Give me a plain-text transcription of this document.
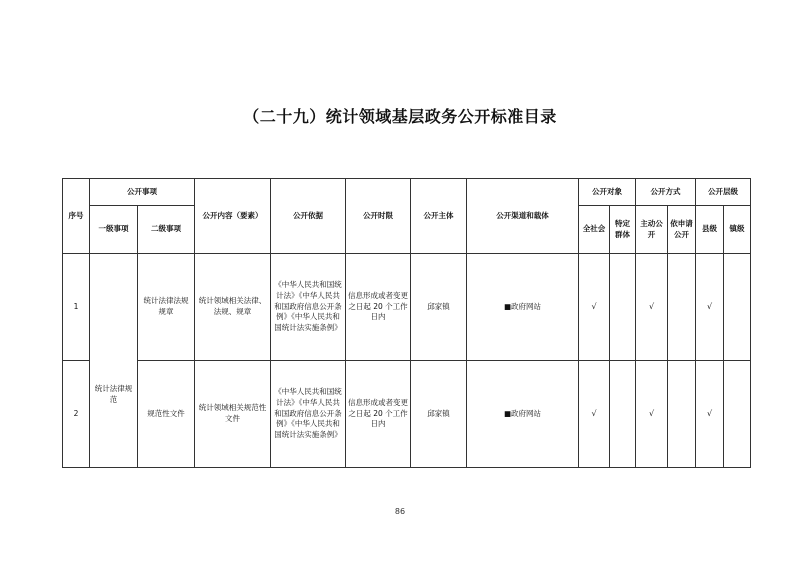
（二十九）统计领域基层政务公开标准目录
序号	公开事项		公开内容（要素）	公开依据	公开时限	公开主体	公开渠道和载体	公开对象		公开方式		公开层级	
	一级事项	二级事项						全社会	特定群体	主动公开	依申请公开	县级	镇级
1	统计法律规范	统计法律法规规章	统计领域相关法律、法规、规章	《中华人民共和国统计法》《中华人民共和国政府信息公开条例》《中华人民共和国统计法实施条例》	信息形成或者变更之日起 20 个工作日内	邱家镇	■政府网站	√		√		√	
2		规范性文件	统计领域相关规范性文件	《中华人民共和国统计法》《中华人民共和国政府信息公开条例》《中华人民共和国统计法实施条例》	信息形成或者变更之日起 20 个工作日内	邱家镇	■政府网站	√		√		√	
86
